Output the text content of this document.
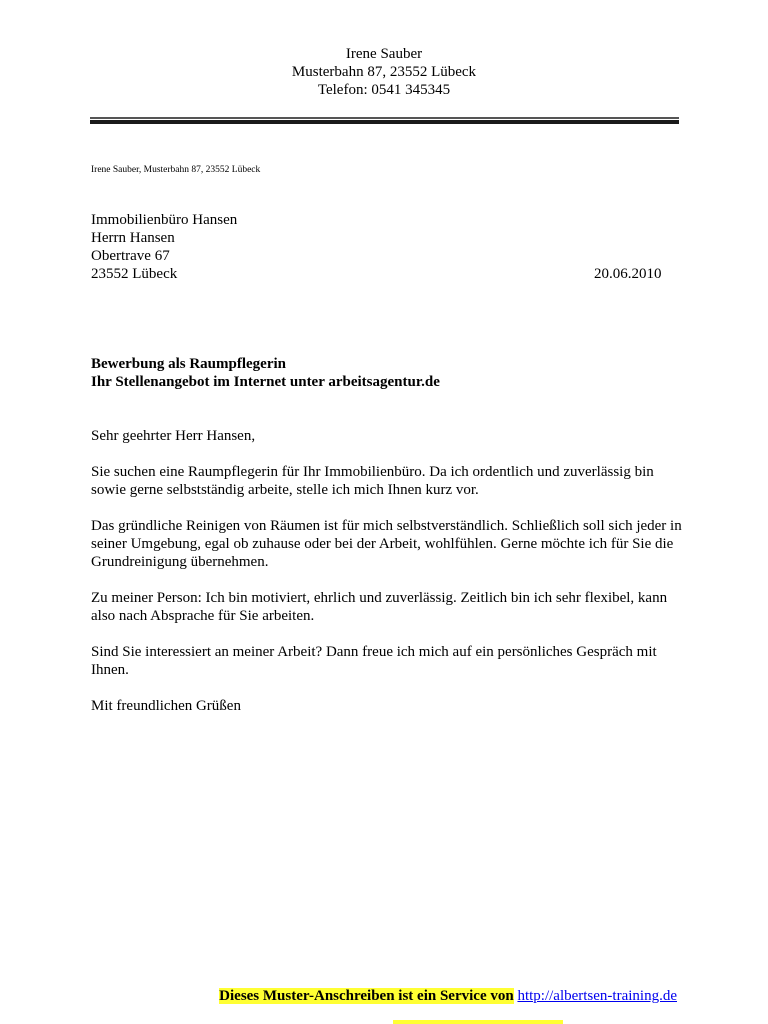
Irene Sauber
Musterbahn 87, 23552 Lübeck
Telefon: 0541 345345
Irene Sauber, Musterbahn 87, 23552 Lübeck
Immobilienbüro Hansen
Herrn Hansen
Obertrave 67
23552 Lübeck	20.06.2010
Bewerbung als Raumpflegerin
Ihr Stellenangebot im Internet unter arbeitsagentur.de

Sehr geehrter Herr Hansen,

Sie suchen eine Raumpflegerin für Ihr Immobilienbüro. Da ich ordentlich und zuverlässig bin sowie gerne selbstständig arbeite, stelle ich mich Ihnen kurz vor.

Das gründliche Reinigen von Räumen ist für mich selbstverständlich. Schließlich soll sich jeder in seiner Umgebung, egal ob zuhause oder bei der Arbeit, wohlfühlen. Gerne möchte ich für Sie die Grundreinigung übernehmen.

Zu meiner Person: Ich bin motiviert, ehrlich und zuverlässig. Zeitlich bin ich sehr flexibel, kann also nach Absprache für Sie arbeiten.

Sind Sie interessiert an meiner Arbeit? Dann freue ich mich auf ein persönliches Gespräch mit Ihnen.

Mit freundlichen Grüßen

Dieses Muster-Anschreiben ist ein Service von http://albertsen-training.de
